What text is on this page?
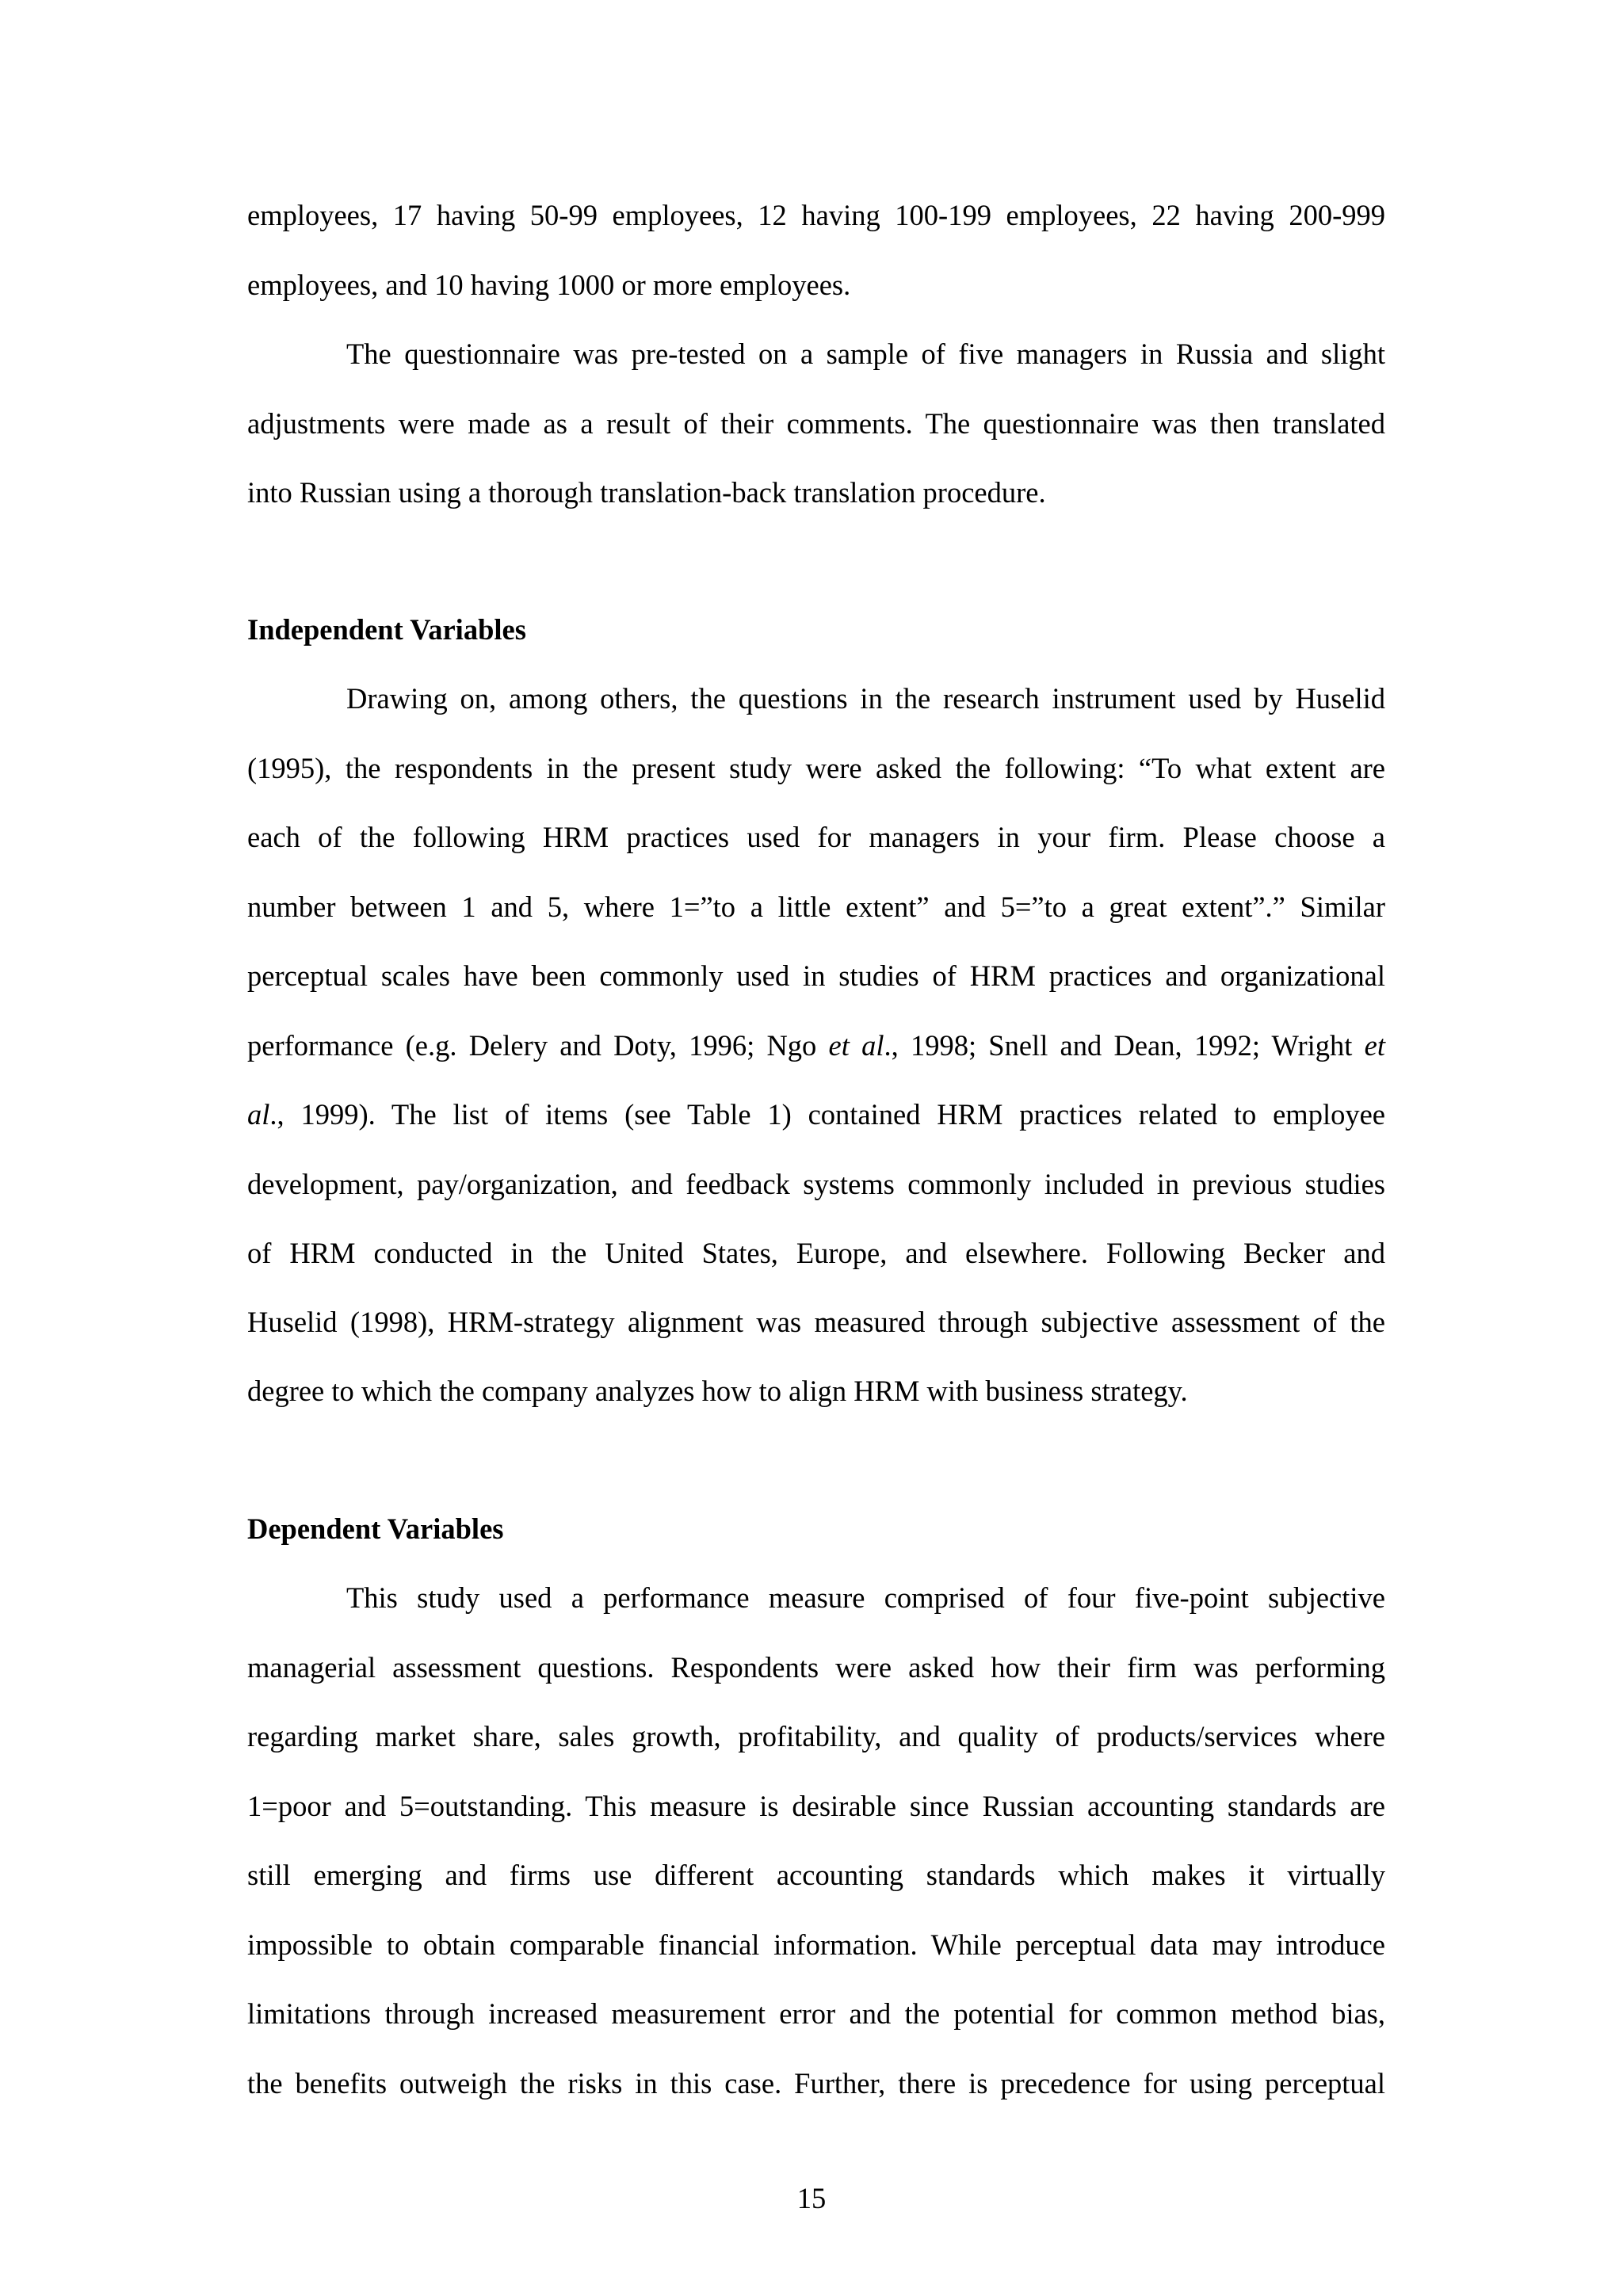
employees, 17 having 50-99 employees, 12 having 100-199 employees, 22 having 200-999
employees, and 10 having 1000 or more employees.
The questionnaire was pre-tested on a sample of five managers in Russia and slight
adjustments were made as a result of their comments. The questionnaire was then translated
into Russian using a thorough translation-back translation procedure.
Independent Variables
Drawing on, among others, the questions in the research instrument used by Huselid
(1995), the respondents in the present study were asked the following: “To what extent are
each of the following HRM practices used for managers in your firm. Please choose a
number between 1 and 5, where 1=”to a little extent” and 5=”to a great extent”.” Similar
perceptual scales have been commonly used in studies of HRM practices and organizational
performance (e.g. Delery and Doty, 1996; Ngo et al., 1998; Snell and Dean, 1992; Wright et
al., 1999). The list of items (see Table 1) contained HRM practices related to employee
development, pay/organization, and feedback systems commonly included in previous studies
of HRM conducted in the United States, Europe, and elsewhere. Following Becker and
Huselid (1998), HRM-strategy alignment was measured through subjective assessment of the
degree to which the company analyzes how to align HRM with business strategy.
Dependent Variables
This study used a performance measure comprised of four five-point subjective
managerial assessment questions. Respondents were asked how their firm was performing
regarding market share, sales growth, profitability, and quality of products/services where
1=poor and 5=outstanding. This measure is desirable since Russian accounting standards are
still emerging and firms use different accounting standards which makes it virtually
impossible to obtain comparable financial information. While perceptual data may introduce
limitations through increased measurement error and the potential for common method bias,
the benefits outweigh the risks in this case. Further, there is precedence for using perceptual
15
